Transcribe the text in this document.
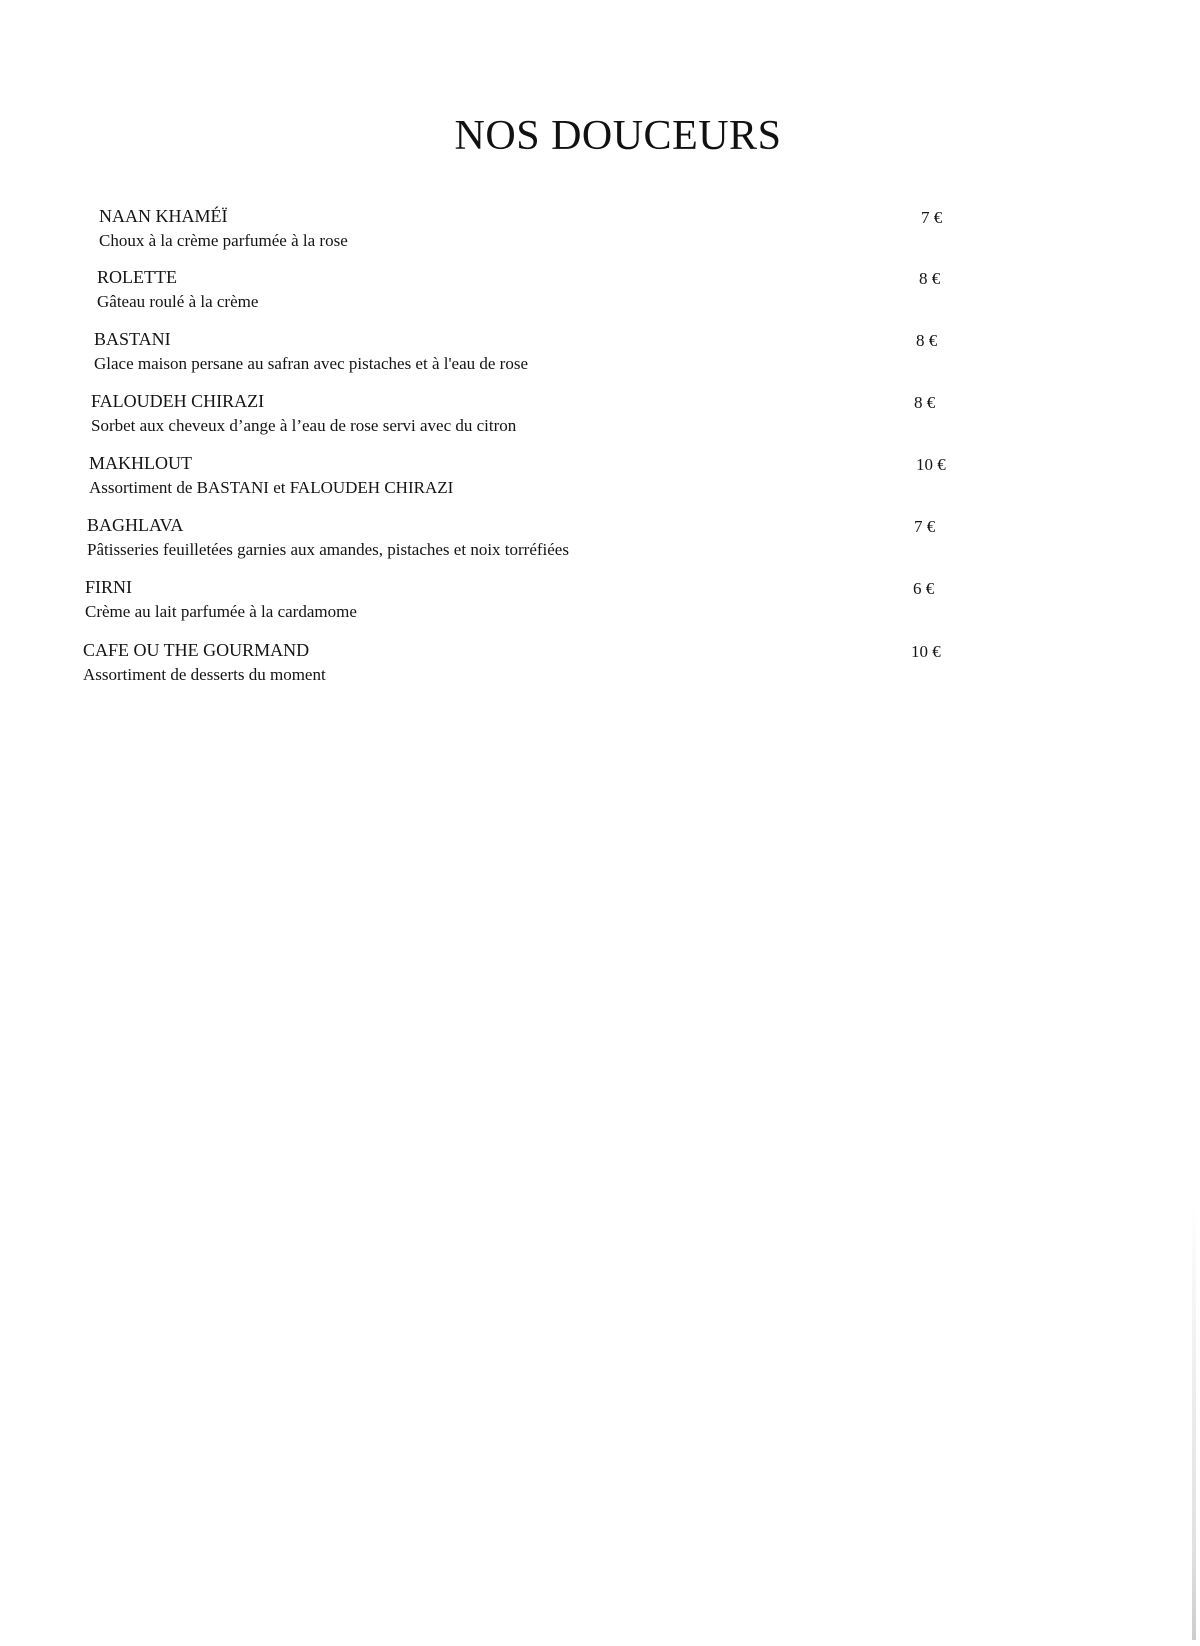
NOS DOUCEURS
NAAN KHAMÉÏ
Choux à la crème parfumée à la rose
7 €
ROLETTE
Gâteau roulé à la crème
8 €
BASTANI
Glace maison persane au safran avec pistaches et à l'eau de rose
8 €
FALOUDEH CHIRAZI
Sorbet aux cheveux d’ange à l’eau de rose servi avec du citron
8 €
MAKHLOUT
Assortiment de BASTANI et FALOUDEH CHIRAZI
10 €
BAGHLAVA
Pâtisseries feuilletées garnies aux amandes, pistaches et noix torréfiées
7 €
FIRNI
Crème au lait parfumée à la cardamome
6 €
CAFE OU THE GOURMAND
Assortiment de desserts du moment
10 €
